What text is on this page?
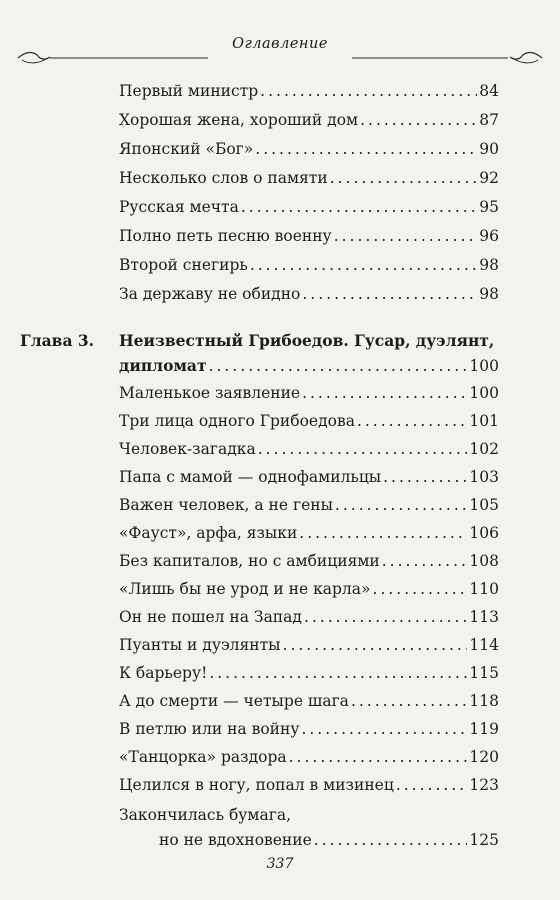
Оглавление
Первый министр .....	84
Хорошая жена, хороший дом .....	87
Японский «Бог» .....	90
Несколько слов о памяти .....	92
Русская мечта .....	95
Полно петь песню военну .....	96
Второй снегирь .....	98
За державу не обидно .....	98
Глава 3. Неизвестный Грибоедов. Гусар, дуэлянт,
дипломат .....	100
Маленькое заявление .....	100
Три лица одного Грибоедова .....	101
Человек-загадка .....	102
Папа с мамой — однофамильцы .....	103
Важен человек, а не гены .....	105
«Фауст», арфа, языки .....	106
Без капиталов, но с амбициями .....	108
«Лишь бы не урод и не карла» .....	110
Он не пошел на Запад .....	113
Пуанты и дуэлянты .....	114
К барьеру! .....	115
А до смерти — четыре шага .....	118
В петлю или на войну .....	119
«Танцорка» раздора .....	120
Целился в ногу, попал в мизинец .....	123
Закончилась бумага,
но не вдохновение .....	125
337
